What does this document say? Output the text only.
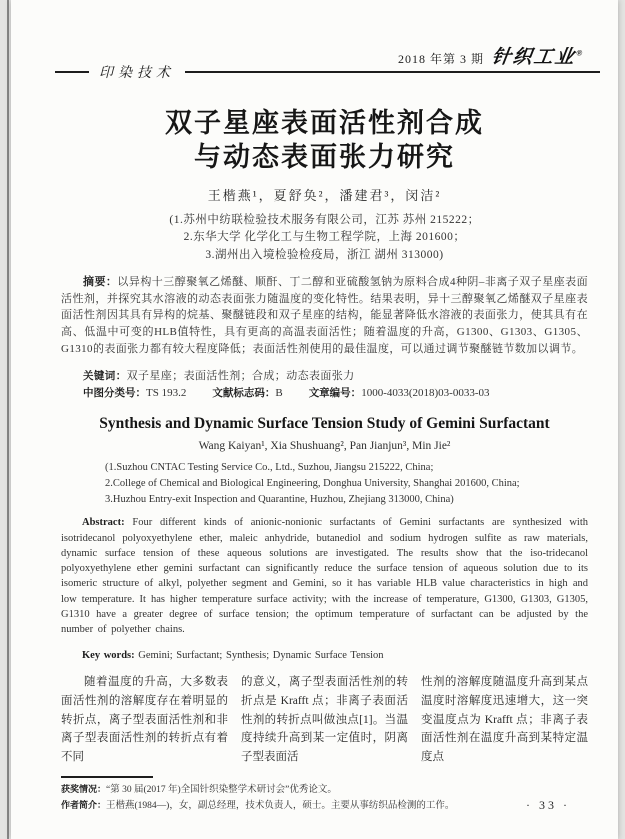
2018 年第 3 期 针织工业®
印染技术
双子星座表面活性剂合成
与动态表面张力研究
王楷燕¹，夏舒奂²，潘建君³，闵洁²
(1.苏州中纺联检验技术服务有限公司，江苏 苏州 215222；
2.东华大学 化学化工与生物工程学院，上海 201600；
3.湖州出入境检验检疫局，浙江 湖州 313000)

摘要：以异构十三醇聚氧乙烯醚、顺酐、丁二醇和亚硫酸氢钠为原料合成4种阴–非离子双子星座表面活性剂，并探究其水溶液的动态表面张力随温度的变化特性。结果表明，异十三醇聚氧乙烯醚双子星座表面活性剂因其具有异构的烷基、聚醚链段和双子星座的结构，能显著降低水溶液的表面张力，使其具有在高、低温中可变的HLB值特性，具有更高的高温表面活性；随着温度的升高，G1300、G1303、G1305、G1310的表面张力都有较大程度降低；表面活性剂使用的最佳温度，可以通过调节聚醚链节数加以调节。

关键词：双子星座；表面活性剂；合成；动态表面张力
中图分类号：TS 193.2 文献标志码：B 文章编号：1000-4033(2018)03-0033-03
Synthesis and Dynamic Surface Tension Study of Gemini Surfactant
Wang Kaiyan¹, Xia Shushuang², Pan Jianjun³, Min Jie²
(1.Suzhou CNTAC Testing Service Co., Ltd., Suzhou, Jiangsu 215222, China;
2.College of Chemical and Biological Engineering, Donghua University, Shanghai 201600, China;
3.Huzhou Entry-exit Inspection and Quarantine, Huzhou, Zhejiang 313000, China)

Abstract: Four different kinds of anionic-nonionic surfactants of Gemini surfactants are synthesized with isotridecanol polyoxyethylene ether, maleic anhydride, butanediol and sodium hydrogen sulfite as raw materials, dynamic surface tension of these aqueous solutions are investigated. The results show that the iso-tridecanol polyoxyethylene ether gemini surfactant can significantly reduce the surface tension of aqueous solution due to its isomeric structure of alkyl, polyether segment and Gemini, so it has variable HLB value characteristics in high and low temperature. It has higher temperature surface activity; with the increase of temperature, G1300, G1303, G1305, G1310 have a greater degree of surface tension; the optimum temperature of surfactant can be adjusted by the number of polyether chains.

Key words: Gemini; Surfactant; Synthesis; Dynamic Surface Tension
随着温度的升高，大多数表面活性剂的溶解度存在着明显的转折点，离子型表面活性剂和非离子型表面活性剂的转折点有着不同
的意义，离子型表面活性剂的转折点是 Krafft 点；非离子表面活性剂的转折点叫做浊点[1]。当温度持续升高到某一定值时，阴离子型表面活
性剂的溶解度随温度升高到某点温度时溶解度迅速增大，这一突变温度点为 Krafft 点；非离子表面活性剂在温度升高到某特定温度点
获奖情况：“第 30 届(2017 年)全国针织染整学术研讨会”优秀论文。
作者简介：王楷燕(1984—)，女，副总经理，技术负责人，硕士。主要从事纺织品检测的工作。	· 33 ·
